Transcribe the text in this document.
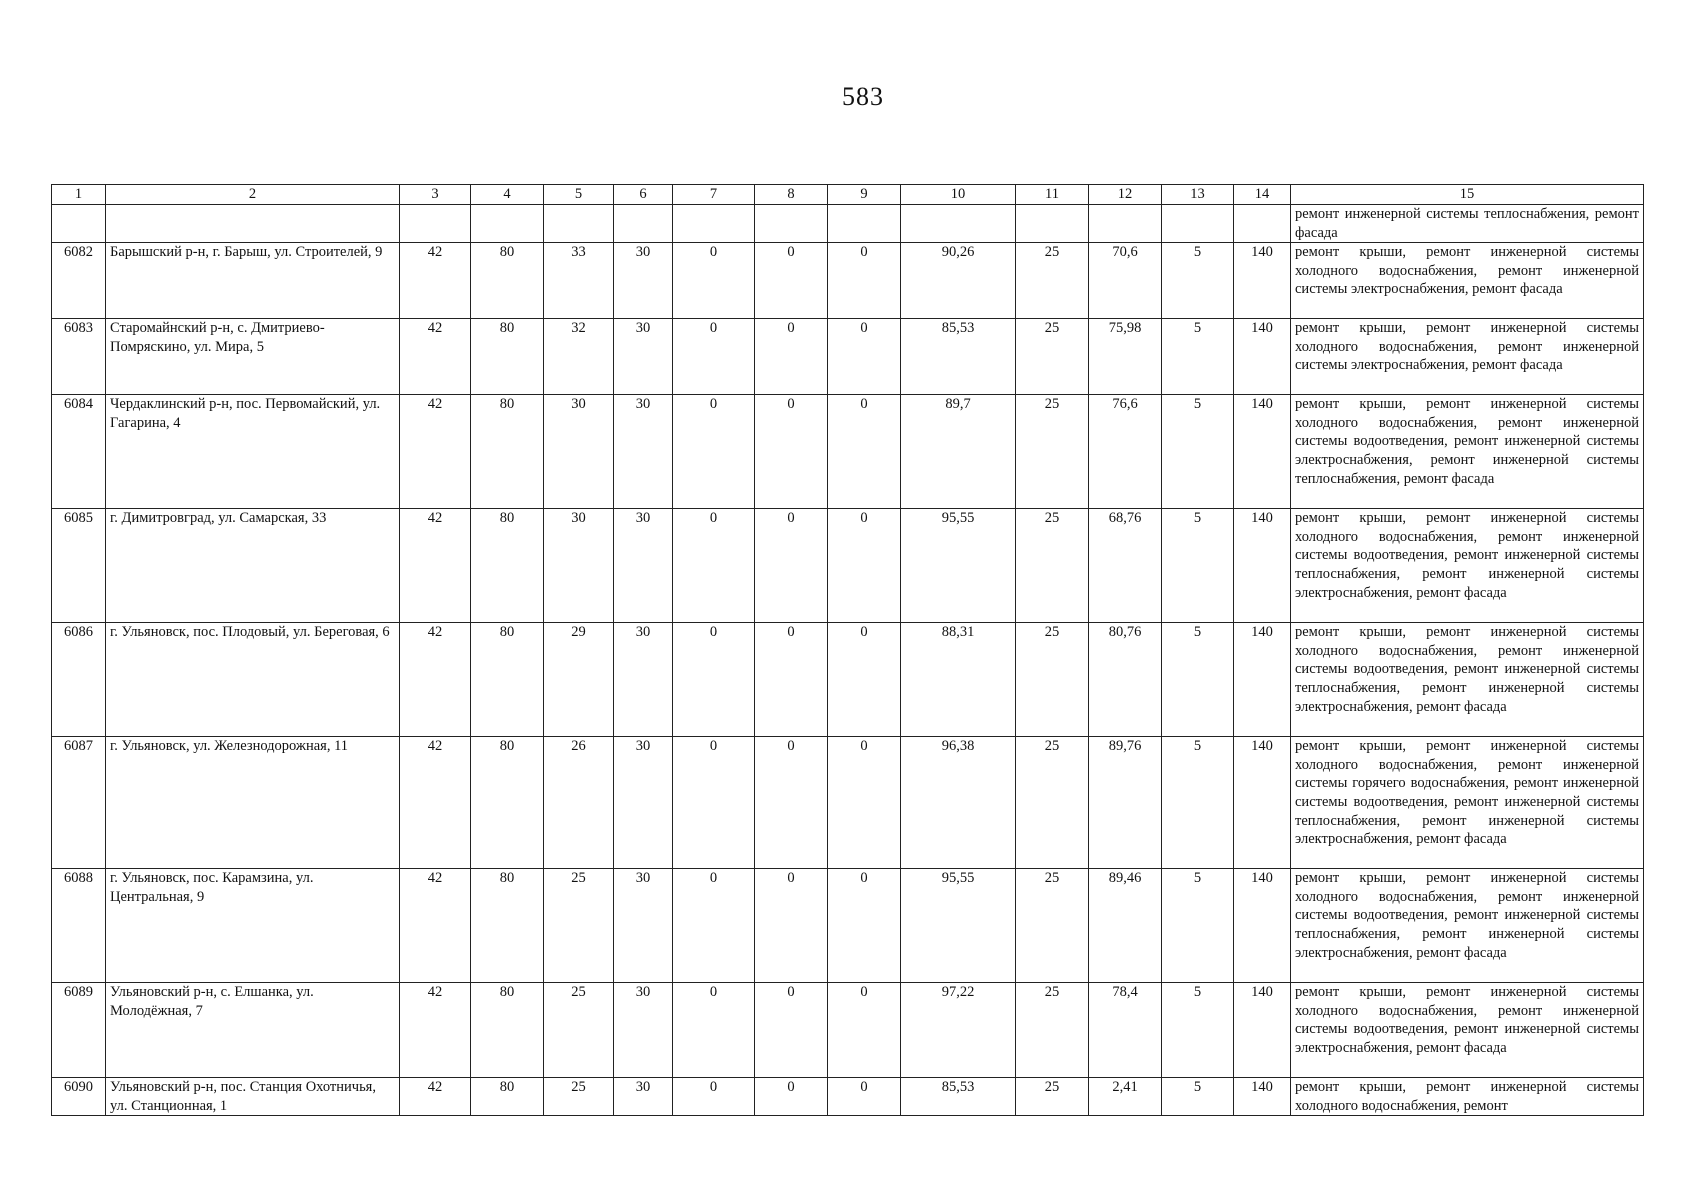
583
1	2	3	4	5	6	7	8	9	10	11	12	13	14	15
														ремонт инженерной системы теплоснабжения, ремонт фасада
6082	Барышский р-н, г. Барыш, ул. Строителей, 9	42	80	33	30	0	0	0	90,26	25	70,6	5	140	ремонт крыши, ремонт инженерной системы холодного водоснабжения, ремонт инженерной системы электроснабжения, ремонт фасада
6083	Старомайнский р-н, с. Дмитриево-Помряскино, ул. Мира, 5	42	80	32	30	0	0	0	85,53	25	75,98	5	140	ремонт крыши, ремонт инженерной системы холодного водоснабжения, ремонт инженерной системы электроснабжения, ремонт фасада
6084	Чердаклинский р-н, пос. Первомайский, ул. Гагарина, 4	42	80	30	30	0	0	0	89,7	25	76,6	5	140	ремонт крыши, ремонт инженерной системы холодного водоснабжения, ремонт инженерной системы водоотведения, ремонт инженерной системы электроснабжения, ремонт инженерной системы теплоснабжения, ремонт фасада
6085	г. Димитровград, ул. Самарская, 33	42	80	30	30	0	0	0	95,55	25	68,76	5	140	ремонт крыши, ремонт инженерной системы холодного водоснабжения, ремонт инженерной системы водоотведения, ремонт инженерной системы теплоснабжения, ремонт инженерной системы электроснабжения, ремонт фасада
6086	г. Ульяновск, пос. Плодовый, ул. Береговая, 6	42	80	29	30	0	0	0	88,31	25	80,76	5	140	ремонт крыши, ремонт инженерной системы холодного водоснабжения, ремонт инженерной системы водоотведения, ремонт инженерной системы теплоснабжения, ремонт инженерной системы электроснабжения, ремонт фасада
6087	г. Ульяновск, ул. Железнодорожная, 11	42	80	26	30	0	0	0	96,38	25	89,76	5	140	ремонт крыши, ремонт инженерной системы холодного водоснабжения, ремонт инженерной системы горячего водоснабжения, ремонт инженерной системы водоотведения, ремонт инженерной системы теплоснабжения, ремонт инженерной системы электроснабжения, ремонт фасада
6088	г. Ульяновск, пос. Карамзина, ул. Центральная, 9	42	80	25	30	0	0	0	95,55	25	89,46	5	140	ремонт крыши, ремонт инженерной системы холодного водоснабжения, ремонт инженерной системы водоотведения, ремонт инженерной системы теплоснабжения, ремонт инженерной системы электроснабжения, ремонт фасада
6089	Ульяновский р-н, с. Елшанка, ул. Молодёжная, 7	42	80	25	30	0	0	0	97,22	25	78,4	5	140	ремонт крыши, ремонт инженерной системы холодного водоснабжения, ремонт инженерной системы водоотведения, ремонт инженерной системы электроснабжения, ремонт фасада
6090	Ульяновский р-н, пос. Станция Охотничья, ул. Станционная, 1	42	80	25	30	0	0	0	85,53	25	2,41	5	140	ремонт крыши, ремонт инженерной системы холодного водоснабжения, ремонт
